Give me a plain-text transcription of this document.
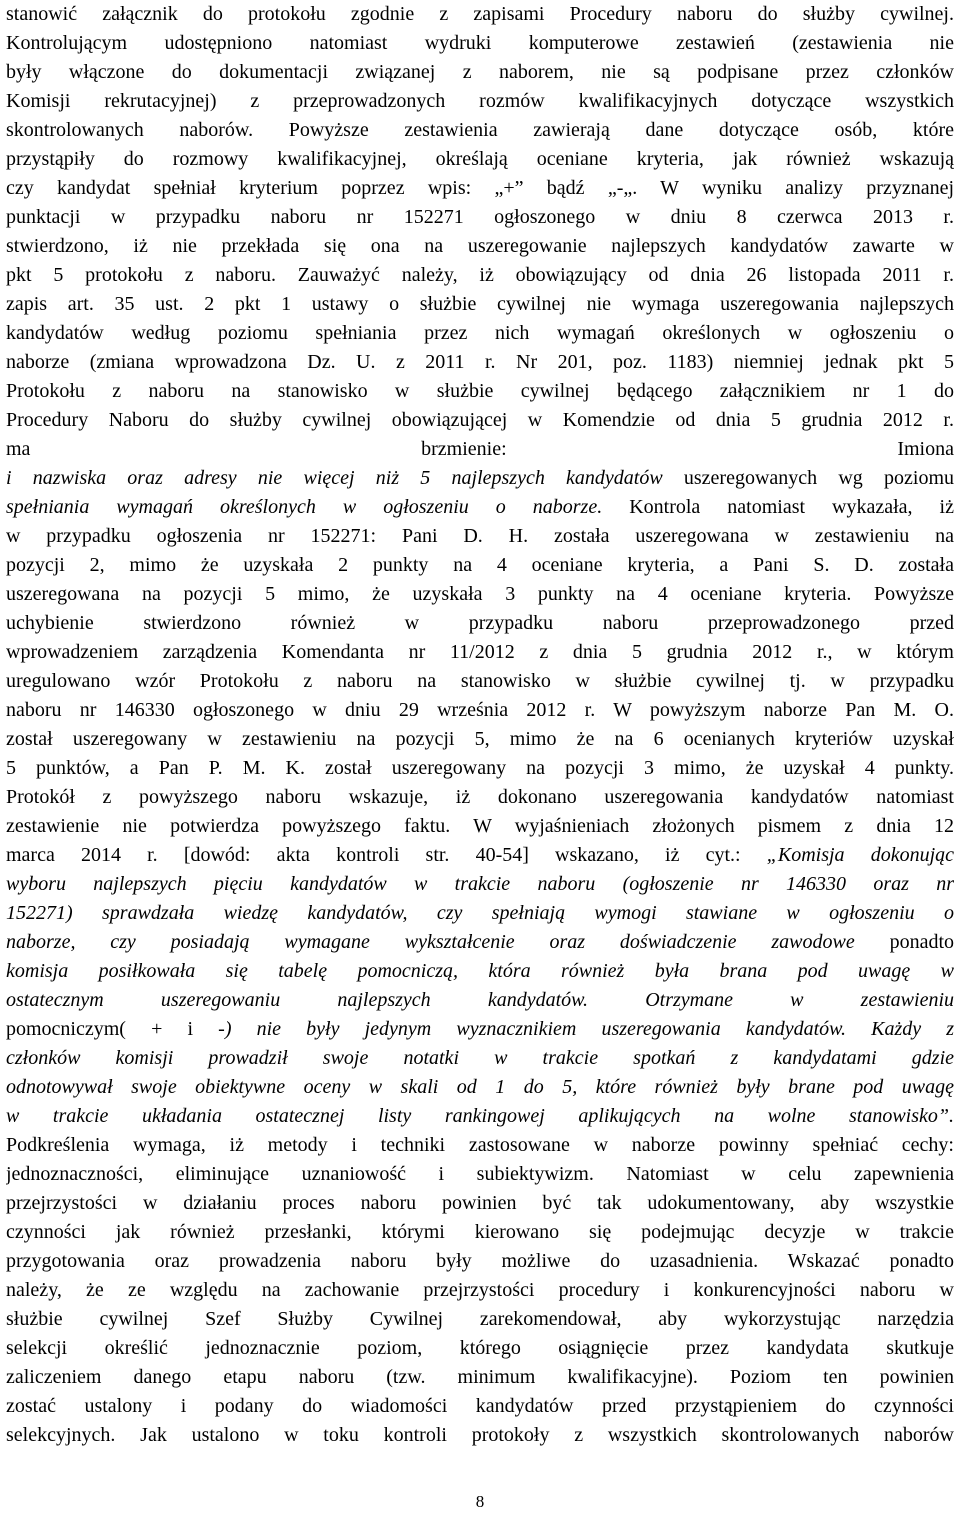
stanowić załącznik do protokołu zgodnie z zapisami Procedury naboru do służby cywilnej.
Kontrolującym udostępniono natomiast wydruki komputerowe zestawień (zestawienia nie
były włączone do dokumentacji związanej z naborem, nie są podpisane przez członków
Komisji rekrutacyjnej) z przeprowadzonych rozmów kwalifikacyjnych dotyczące wszystkich
skontrolowanych naborów. Powyższe zestawienia zawierają dane dotyczące osób, które
przystąpiły do rozmowy kwalifikacyjnej, określają oceniane kryteria, jak również wskazują
czy kandydat spełniał kryterium poprzez wpis: „+” bądź „-„. W wyniku analizy przyznanej
punktacji w przypadku naboru nr 152271 ogłoszonego w dniu 8 czerwca 2013 r.
stwierdzono, iż nie przekłada się ona na uszeregowanie najlepszych kandydatów zawarte w
pkt 5 protokołu z naboru. Zauważyć należy, iż obowiązujący od dnia 26 listopada 2011 r.
zapis art. 35 ust. 2 pkt 1 ustawy o służbie cywilnej nie wymaga uszeregowania najlepszych
kandydatów według poziomu spełniania przez nich wymagań określonych w ogłoszeniu o
naborze (zmiana wprowadzona Dz. U. z 2011 r. Nr 201, poz. 1183) niemniej jednak pkt 5
Protokołu z naboru na stanowisko w służbie cywilnej będącego załącznikiem nr 1 do
Procedury Naboru do służby cywilnej obowiązującej w Komendzie od dnia 5 grudnia 2012 r.
ma brzmienie: Imiona
i nazwiska oraz adresy nie więcej niż 5 najlepszych kandydatów uszeregowanych wg poziomu
spełniania wymagań określonych w ogłoszeniu o naborze. Kontrola natomiast wykazała, iż
w przypadku ogłoszenia nr 152271: Pani D. H. została uszeregowana w zestawieniu na
pozycji 2, mimo że uzyskała 2 punkty na 4 oceniane kryteria, a Pani S. D. została
uszeregowana na pozycji 5 mimo, że uzyskała 3 punkty na 4 oceniane kryteria. Powyższe
uchybienie stwierdzono również w przypadku naboru przeprowadzonego przed
wprowadzeniem zarządzenia Komendanta nr 11/2012 z dnia 5 grudnia 2012 r., w którym
uregulowano wzór Protokołu z naboru na stanowisko w służbie cywilnej tj. w przypadku
naboru nr 146330 ogłoszonego w dniu 29 września 2012 r. W powyższym naborze Pan M. O.
został uszeregowany w zestawieniu na pozycji 5, mimo że na 6 ocenianych kryteriów uzyskał
5 punktów, a Pan P. M. K. został uszeregowany na pozycji 3 mimo, że uzyskał 4 punkty.
Protokół z powyższego naboru wskazuje, iż dokonano uszeregowania kandydatów natomiast
zestawienie nie potwierdza powyższego faktu. W wyjaśnieniach złożonych pismem z dnia 12
marca 2014 r. [dowód: akta kontroli str. 40-54] wskazano, iż cyt.: „Komisja dokonując
wyboru najlepszych pięciu kandydatów w trakcie naboru (ogłoszenie nr 146330 oraz nr
152271) sprawdzała wiedzę kandydatów, czy spełniają wymogi stawiane w ogłoszeniu o
naborze, czy posiadają wymagane wykształcenie oraz doświadczenie zawodowe ponadto
komisja posiłkowała się tabelę pomocniczą, która również była brana pod uwagę w
ostatecznym uszeregowaniu najlepszych kandydatów. Otrzymane w zestawieniu
pomocniczym( + i -) nie były jedynym wyznacznikiem uszeregowania kandydatów. Każdy z
członków komisji prowadził swoje notatki w trakcie spotkań z kandydatami gdzie
odnotowywał swoje obiektywne oceny w skali od 1 do 5, które również były brane pod uwagę
w trakcie układania ostatecznej listy rankingowej aplikujących na wolne stanowisko”.
Podkreślenia wymaga, iż metody i techniki zastosowane w naborze powinny spełniać cechy:
jednoznaczności, eliminujące uznaniowość i subiektywizm. Natomiast w celu zapewnienia
przejrzystości w działaniu proces naboru powinien być tak udokumentowany, aby wszystkie
czynności jak również przesłanki, którymi kierowano się podejmując decyzje w trakcie
przygotowania oraz prowadzenia naboru były możliwe do uzasadnienia. Wskazać ponadto
należy, że ze względu na zachowanie przejrzystości procedury i konkurencyjności naboru w
służbie cywilnej Szef Służby Cywilnej zarekomendował, aby wykorzystując narzędzia
selekcji określić jednoznacznie poziom, którego osiągnięcie przez kandydata skutkuje
zaliczeniem danego etapu naboru (tzw. minimum kwalifikacyjne). Poziom ten powinien
zostać ustalony i podany do wiadomości kandydatów przed przystąpieniem do czynności
selekcyjnych. Jak ustalono w toku kontroli protokoły z wszystkich skontrolowanych naborów
8
